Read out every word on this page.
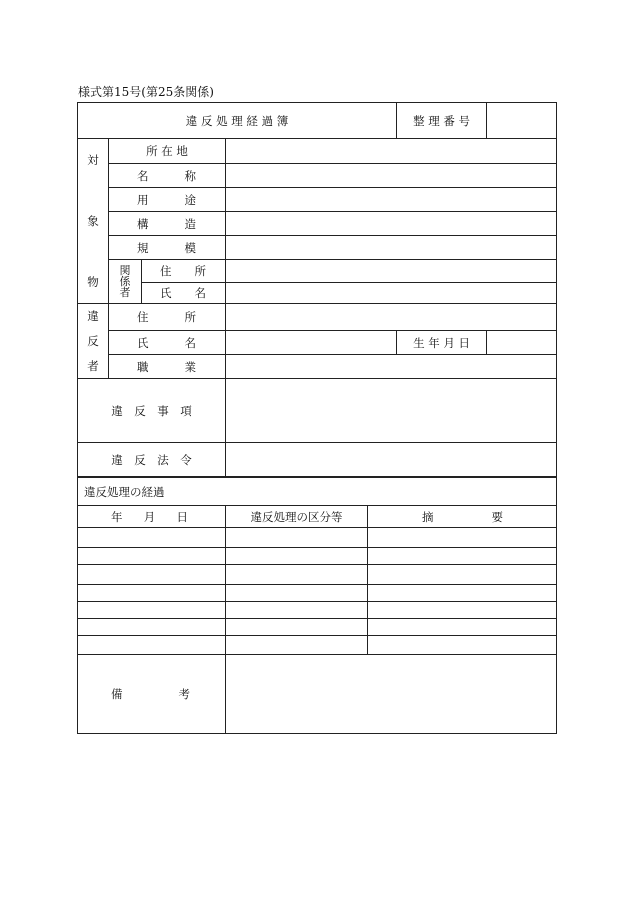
様式第15号(第25条関係)
違 反 処 理 経 過 簿				整 理 番 号	

対
象
物	所 在 地				

	名 称				

	用 途				

	構 造				

	規 模				

	関
係
者	住 所			

		氏 名			

違
反
者	住 所				

	氏 名			生 年 月 日	

	職 業				

違　反　事　項					
違　反　法　令					
違反処理の経過		

年 月 日	違反処理の区分等	摘 要

備 考		
